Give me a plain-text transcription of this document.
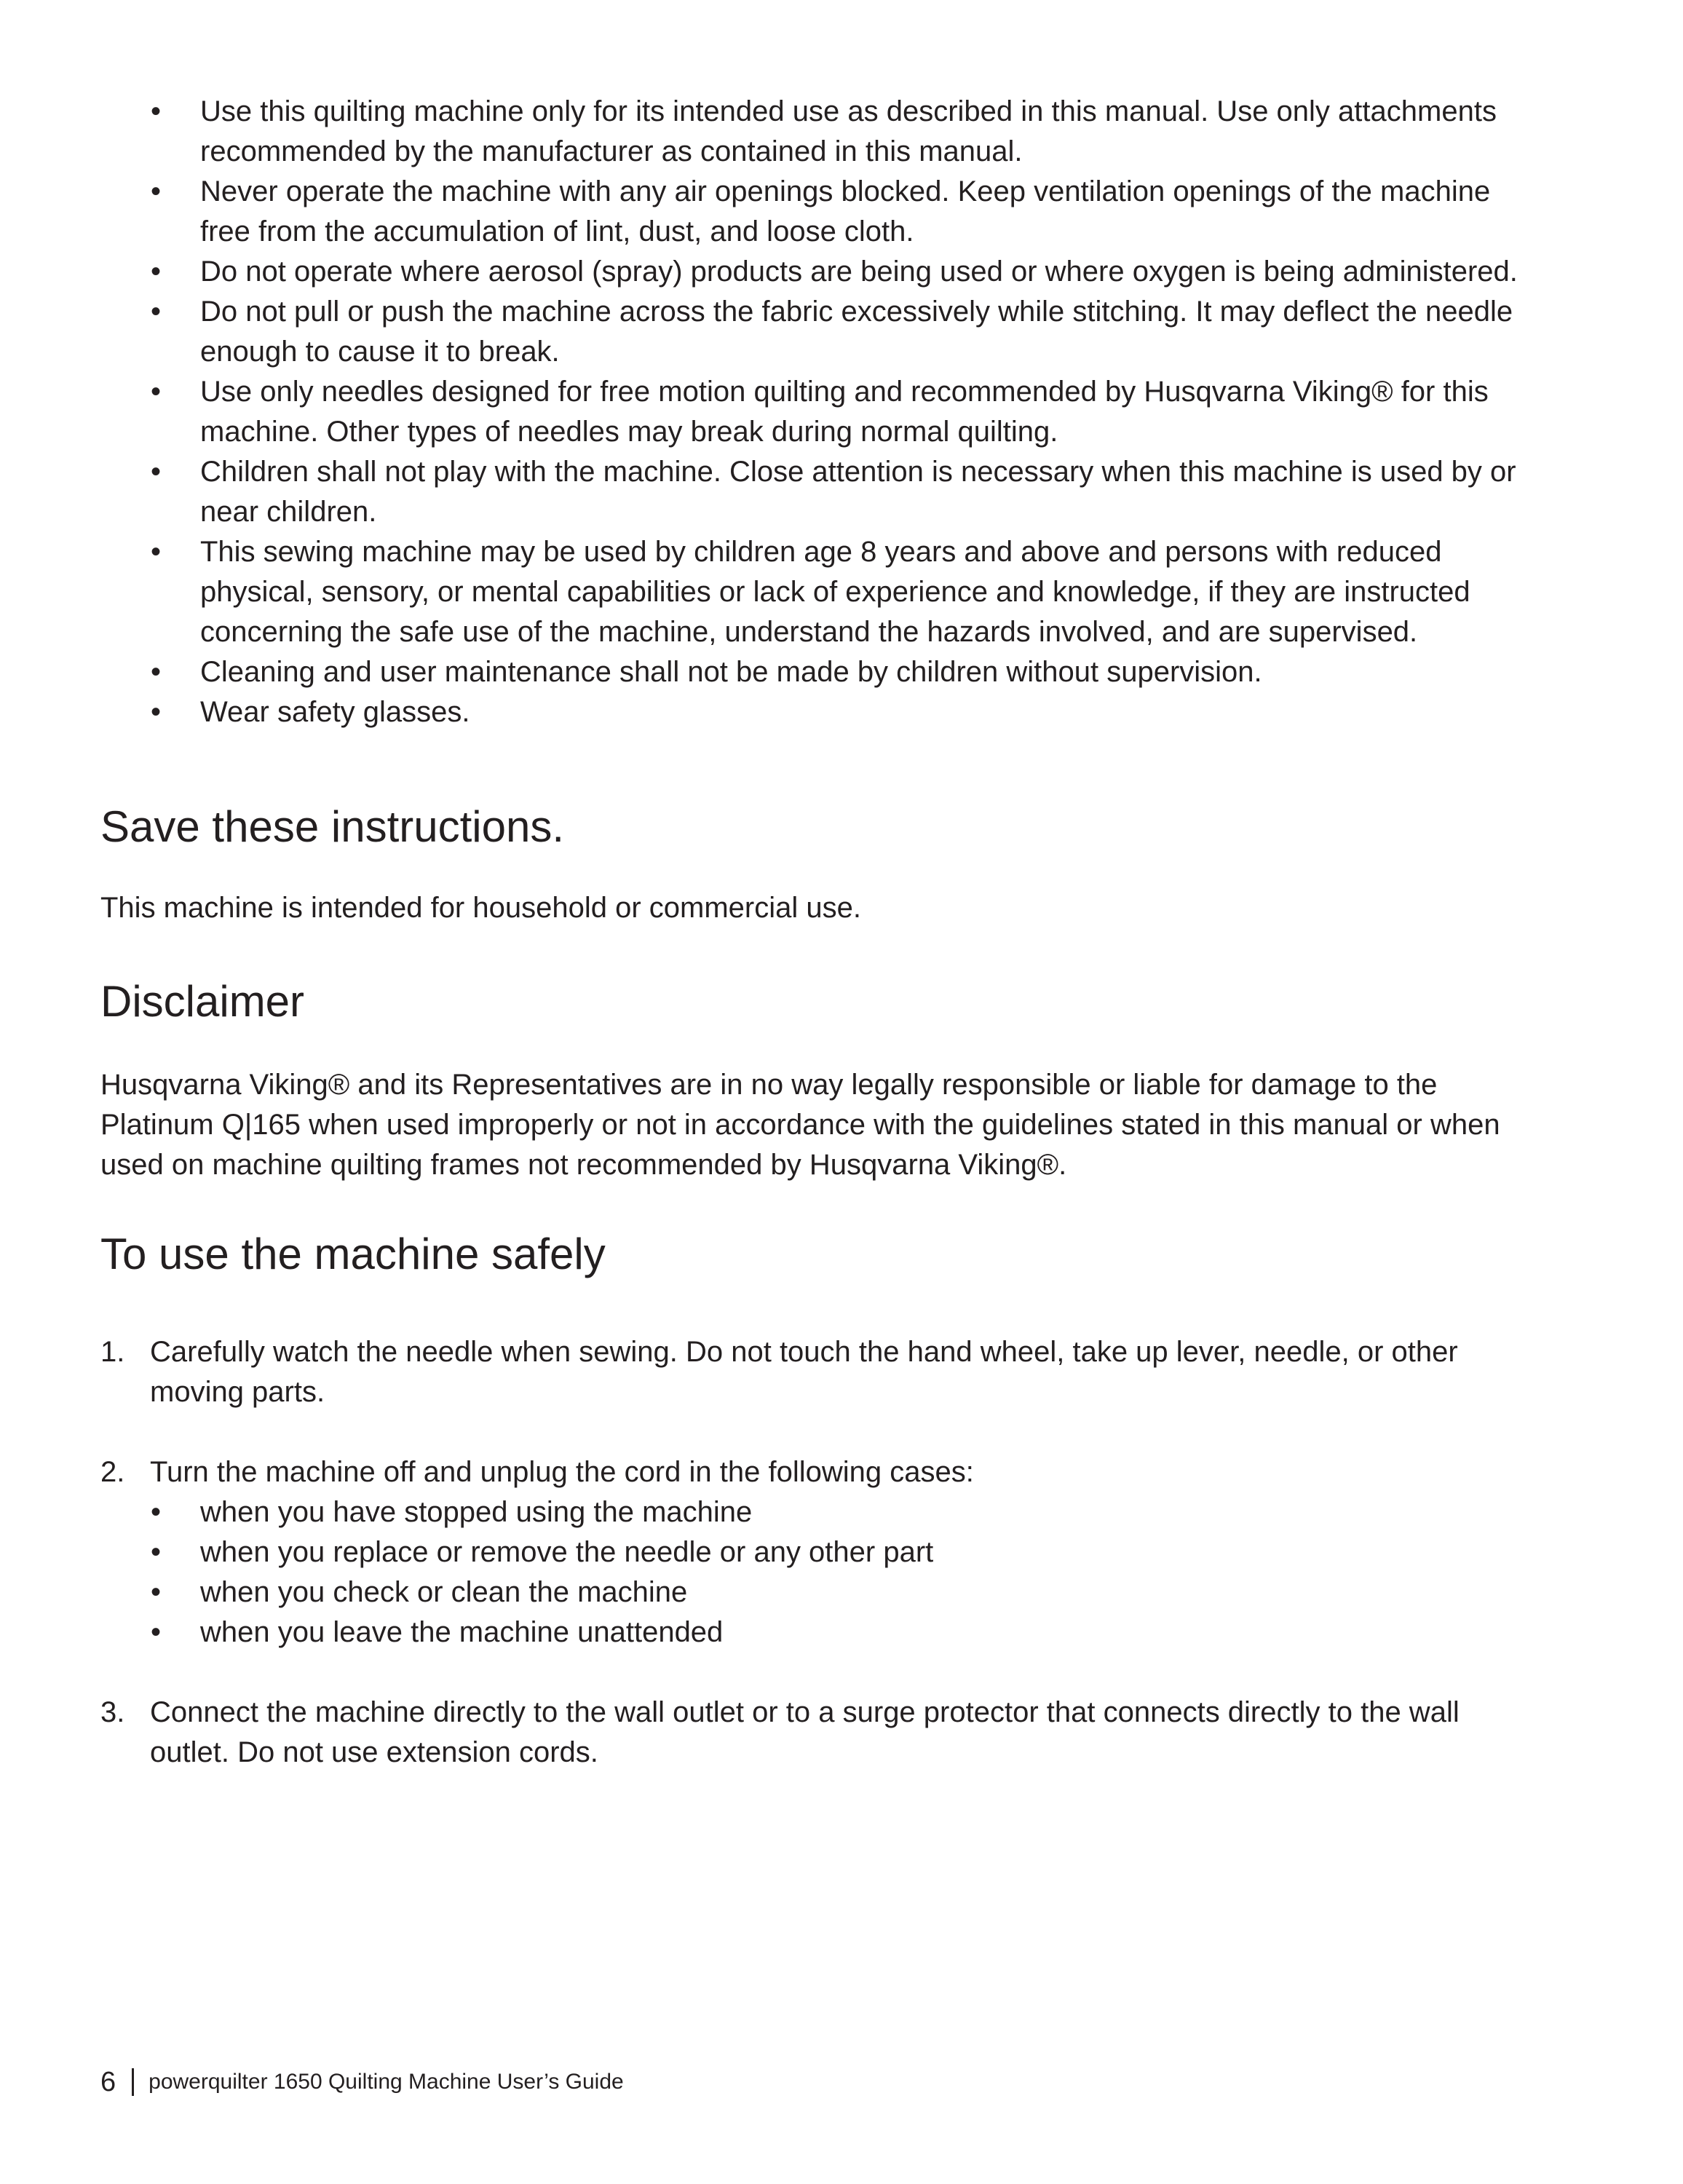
• Use this quilting machine only for its intended use as described in this manual. Use only attachments recommended by the manufacturer as contained in this manual.
• Never operate the machine with any air openings blocked. Keep ventilation openings of the machine free from the accumulation of lint, dust, and loose cloth.
• Do not operate where aerosol (spray) products are being used or where oxygen is being administered.
• Do not pull or push the machine across the fabric excessively while stitching. It may deflect the needle enough to cause it to break.
• Use only needles designed for free motion quilting and recommended by Husqvarna Viking® for this machine. Other types of needles may break during normal quilting.
• Children shall not play with the machine. Close attention is necessary when this machine is used by or near children.
• This sewing machine may be used by children age 8 years and above and persons with reduced physical, sensory, or mental capabilities or lack of experience and knowledge, if they are instructed concerning the safe use of the machine, understand the hazards involved, and are supervised.
• Cleaning and user maintenance shall not be made by children without supervision.
• Wear safety glasses.
Save these instructions.

This machine is intended for household or commercial use.

Disclaimer

Husqvarna Viking® and its Representatives are in no way legally responsible or liable for damage to the Platinum Q|165 when used improperly or not in accordance with the guidelines stated in this manual or when used on machine quilting frames not recommended by Husqvarna Viking®.

To use the machine safely
1. Carefully watch the needle when sewing. Do not touch the hand wheel, take up lever, needle, or other moving parts.
2. Turn the machine off and unplug the cord in the following cases:
• when you have stopped using the machine
• when you replace or remove the needle or any other part
• when you check or clean the machine
• when you leave the machine unattended
3. Connect the machine directly to the wall outlet or to a surge protector that connects directly to the wall outlet. Do not use extension cords.
6 powerquilter 1650 Quilting Machine User’s Guide
